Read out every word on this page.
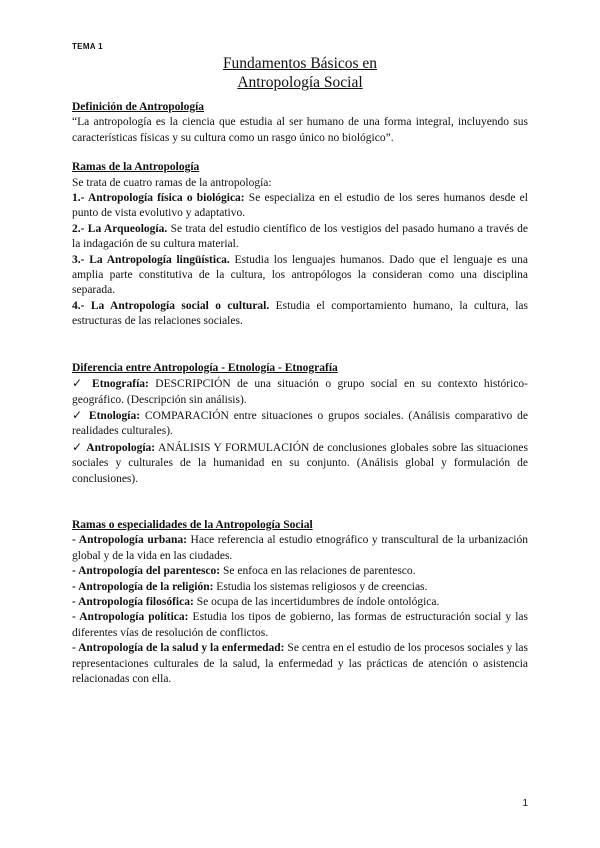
TEMA 1
Fundamentos Básicos en
Antropología Social

Definición de Antropología

“La antropología es la ciencia que estudia al ser humano de una forma integral, incluyendo sus características físicas y su cultura como un rasgo único no biológico”.

Ramas de la Antropología

Se trata de cuatro ramas de la antropología:

1.- Antropología física o biológica: Se especializa en el estudio de los seres humanos desde el punto de vista evolutivo y adaptativo.

2.- La Arqueología. Se trata del estudio científico de los vestigios del pasado humano a través de la indagación de su cultura material.

3.- La Antropología lingüística. Estudia los lenguajes humanos. Dado que el lenguaje es una amplia parte constitutiva de la cultura, los antropólogos la consideran como una disciplina separada.

4.- La Antropología social o cultural. Estudia el comportamiento humano, la cultura, las estructuras de las relaciones sociales.

Diferencia entre Antropología - Etnología - Etnografía

✓ Etnografía: DESCRIPCIÓN de una situación o grupo social en su contexto histórico-geográfico. (Descripción sin análisis).

✓ Etnología: COMPARACIÓN entre situaciones o grupos sociales. (Análisis comparativo de realidades culturales).

✓ Antropología: ANÁLISIS Y FORMULACIÓN de conclusiones globales sobre las situaciones sociales y culturales de la humanidad en su conjunto. (Análisis global y formulación de conclusiones).

Ramas o especialidades de la Antropología Social

- Antropología urbana: Hace referencia al estudio etnográfico y transcultural de la urbanización global y de la vida en las ciudades.

- Antropología del parentesco: Se enfoca en las relaciones de parentesco.

- Antropología de la religión: Estudia los sistemas religiosos y de creencias.

- Antropología filosófica: Se ocupa de las incertidumbres de índole ontológica.

- Antropología política: Estudia los tipos de gobierno, las formas de estructuración social y las diferentes vías de resolución de conflictos.

- Antropología de la salud y la enfermedad: Se centra en el estudio de los procesos sociales y las representaciones culturales de la salud, la enfermedad y las prácticas de atención o asistencia relacionadas con ella.

1
